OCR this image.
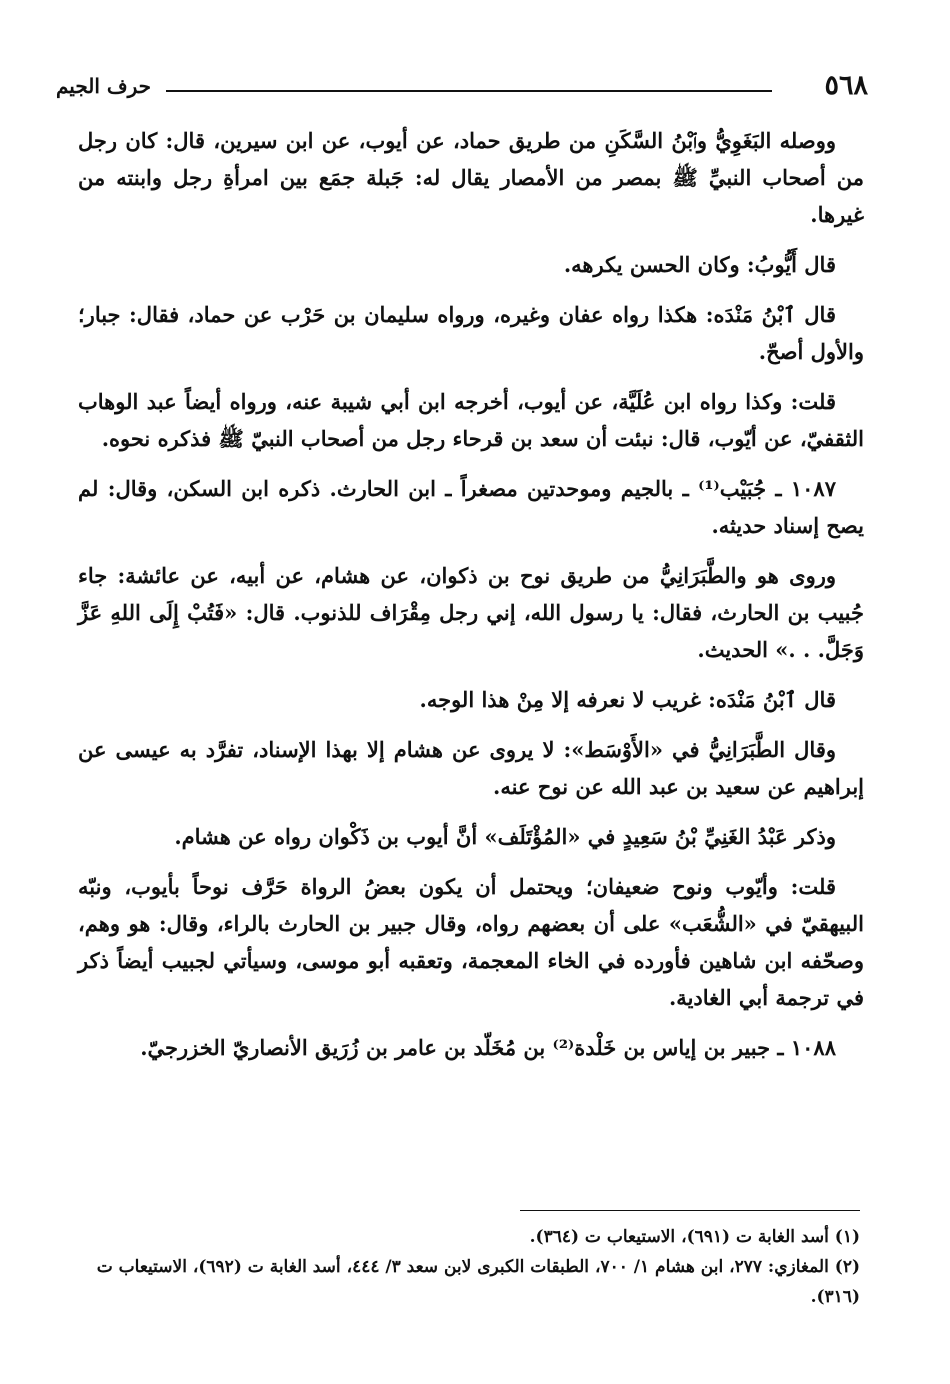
٥٦٨
حرف الجيم

ووصله البَغَوِيُّ وٱبْنُ السَّكَنِ من طريق حماد، عن أيوب، عن ابن سيرين، قال: كان رجل من أصحاب النبيِّ ﷺ بمصر من الأمصار يقال له: جَبلة جمَع بين امرأةِ رجل وابنته من غيرها.

قال أَيُّوبُ: وكان الحسن يكرهه.

قال ٱبْنُ مَنْدَه: هكذا رواه عفان وغيره، ورواه سليمان بن حَرْب عن حماد، فقال: جبار؛ والأول أصحّ.

قلت: وكذا رواه ابن عُلَيَّة، عن أيوب، أخرجه ابن أبي شيبة عنه، ورواه أيضاً عبد الوهاب الثقفيّ، عن أيّوب، قال: نبئت أن سعد بن قرحاء رجل من أصحاب النبيّ ﷺ فذكره نحوه.

١٠٨٧ ـ جُبَيْب⁽¹⁾ ـ بالجيم وموحدتين مصغراً ـ ابن الحارث. ذكره ابن السكن، وقال: لم يصح إسناد حديثه.

وروى هو والطَّبَرَانِيُّ من طريق نوح بن ذكوان، عن هشام، عن أبيه، عن عائشة: جاء جُبيب بن الحارث، فقال: يا رسول الله، إني رجل مِقْرَاف للذنوب. قال: «فَتُبْ إِلَى اللهِ عَزَّ وَجَلَّ. . .» الحديث.

قال ٱبْنُ مَنْدَه: غريب لا نعرفه إلا مِنْ هذا الوجه.

وقال الطَّبَرَانِيُّ في «الأَوْسَط»: لا يروى عن هشام إلا بهذا الإسناد، تفرَّد به عيسى عن إبراهيم عن سعيد بن عبد الله عن نوح عنه.

وذكر عَبْدُ الغَنِيِّ بْنُ سَعِيدٍ في «المُؤْتَلَف» أنَّ أيوب بن ذَكْوان رواه عن هشام.

قلت: وأيّوب ونوح ضعيفان؛ ويحتمل أن يكون بعضُ الرواة حَرَّف نوحاً بأيوب، ونبّه البيهقيّ في «الشُّعَب» على أن بعضهم رواه، وقال جبير بن الحارث بالراء، وقال: هو وهم، وصحّفه ابن شاهين فأورده في الخاء المعجمة، وتعقبه أبو موسى، وسيأتي لجبيب أيضاً ذكر في ترجمة أبي الغادية.

١٠٨٨ ـ جبير بن إياس بن خَلْدة⁽²⁾ بن مُخَلّد بن عامر بن زُرَيق الأنصاريّ الخزرجيّ.

(١) أسد الغابة ت (٦٩١)، الاستيعاب ت (٣٦٤).

(٢) المغازي: ٢٧٧، ابن هشام ١/ ٧٠٠، الطبقات الكبرى لابن سعد ٣/ ٤٤٤، أسد الغابة ت (٦٩٢)، الاستيعاب ت (٣١٦).
